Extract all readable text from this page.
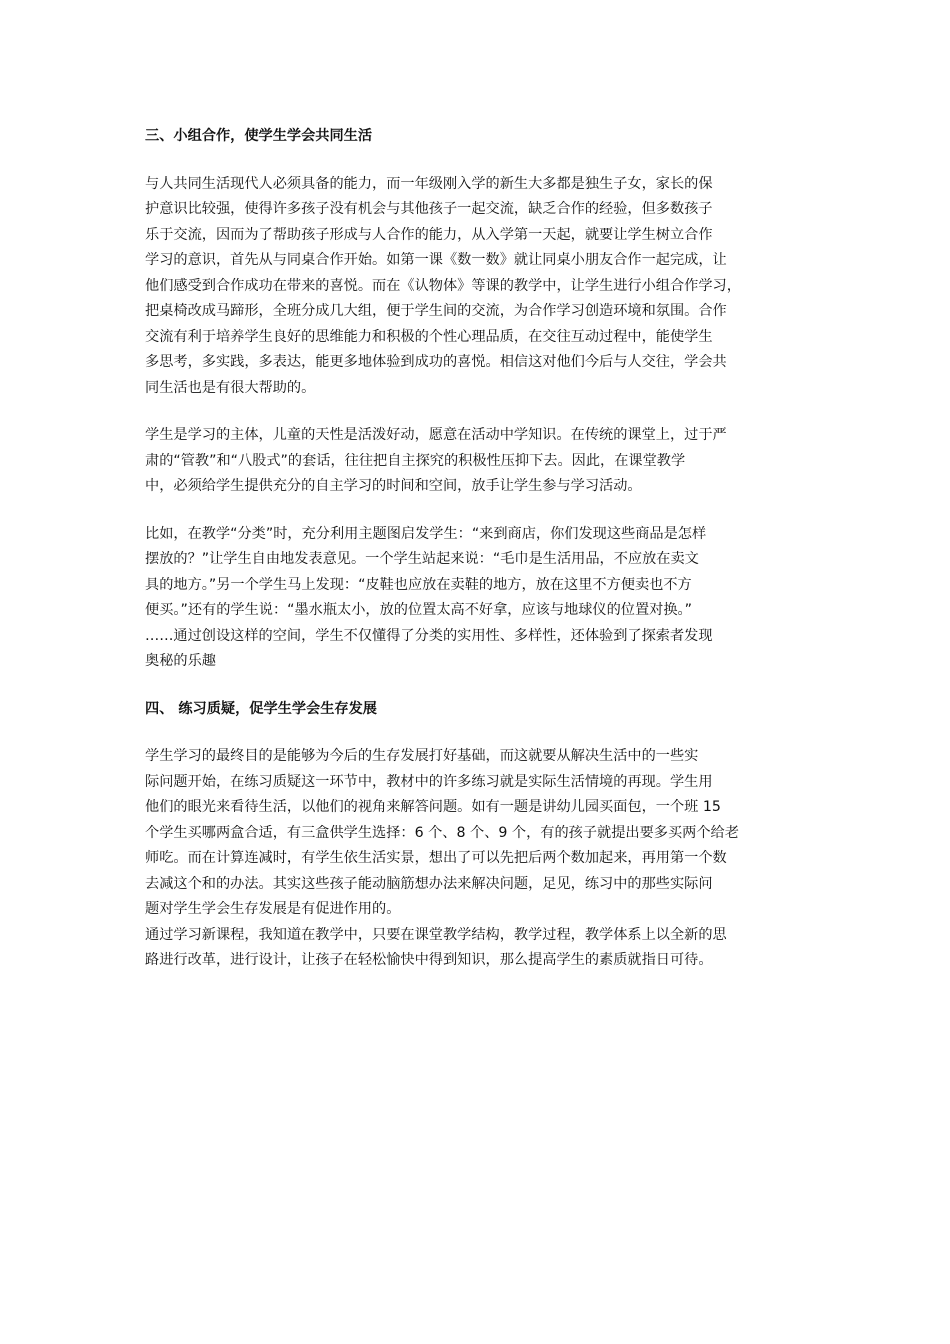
三、小组合作，使学生学会共同生活
与人共同生活现代人必须具备的能力，而一年级刚入学的新生大多都是独生子女，家长的保
护意识比较强，使得许多孩子没有机会与其他孩子一起交流，缺乏合作的经验，但多数孩子
乐于交流，因而为了帮助孩子形成与人合作的能力，从入学第一天起，就要让学生树立合作
学习的意识，首先从与同桌合作开始。如第一课《数一数》就让同桌小朋友合作一起完成，让
他们感受到合作成功在带来的喜悦。而在《认物体》等课的教学中，让学生进行小组合作学习，
把桌椅改成马蹄形，全班分成几大组，便于学生间的交流，为合作学习创造环境和氛围。合作
交流有利于培养学生良好的思维能力和积极的个性心理品质，在交往互动过程中，能使学生
多思考，多实践，多表达，能更多地体验到成功的喜悦。相信这对他们今后与人交往，学会共
同生活也是有很大帮助的。
学生是学习的主体，儿童的天性是活泼好动，愿意在活动中学知识。在传统的课堂上，过于严
肃的“管教”和“八股式”的套话，往往把自主探究的积极性压抑下去。因此，在课堂教学
中，必须给学生提供充分的自主学习的时间和空间，放手让学生参与学习活动。
比如，在教学“分类”时，充分利用主题图启发学生：“来到商店，你们发现这些商品是怎样
摆放的？”让学生自由地发表意见。一个学生站起来说：“毛巾是生活用品，不应放在卖文
具的地方。”另一个学生马上发现：“皮鞋也应放在卖鞋的地方，放在这里不方便卖也不方
便买。”还有的学生说：“墨水瓶太小，放的位置太高不好拿，应该与地球仪的位置对换。”
……通过创设这样的空间，学生不仅懂得了分类的实用性、多样性，还体验到了探索者发现
奥秘的乐趣
四、 练习质疑，促学生学会生存发展
学生学习的最终目的是能够为今后的生存发展打好基础，而这就要从解决生活中的一些实
际问题开始，在练习质疑这一环节中，教材中的许多练习就是实际生活情境的再现。学生用
他们的眼光来看待生活，以他们的视角来解答问题。如有一题是讲幼儿园买面包，一个班 15
个学生买哪两盒合适，有三盒供学生选择：6 个、8 个、9 个，有的孩子就提出要多买两个给老
师吃。而在计算连减时，有学生依生活实景，想出了可以先把后两个数加起来，再用第一个数
去减这个和的办法。其实这些孩子能动脑筋想办法来解决问题，足见，练习中的那些实际问
题对学生学会生存发展是有促进作用的。
通过学习新课程，我知道在教学中，只要在课堂教学结构，教学过程，教学体系上以全新的思
路进行改革，进行设计，让孩子在轻松愉快中得到知识，那么提高学生的素质就指日可待。
